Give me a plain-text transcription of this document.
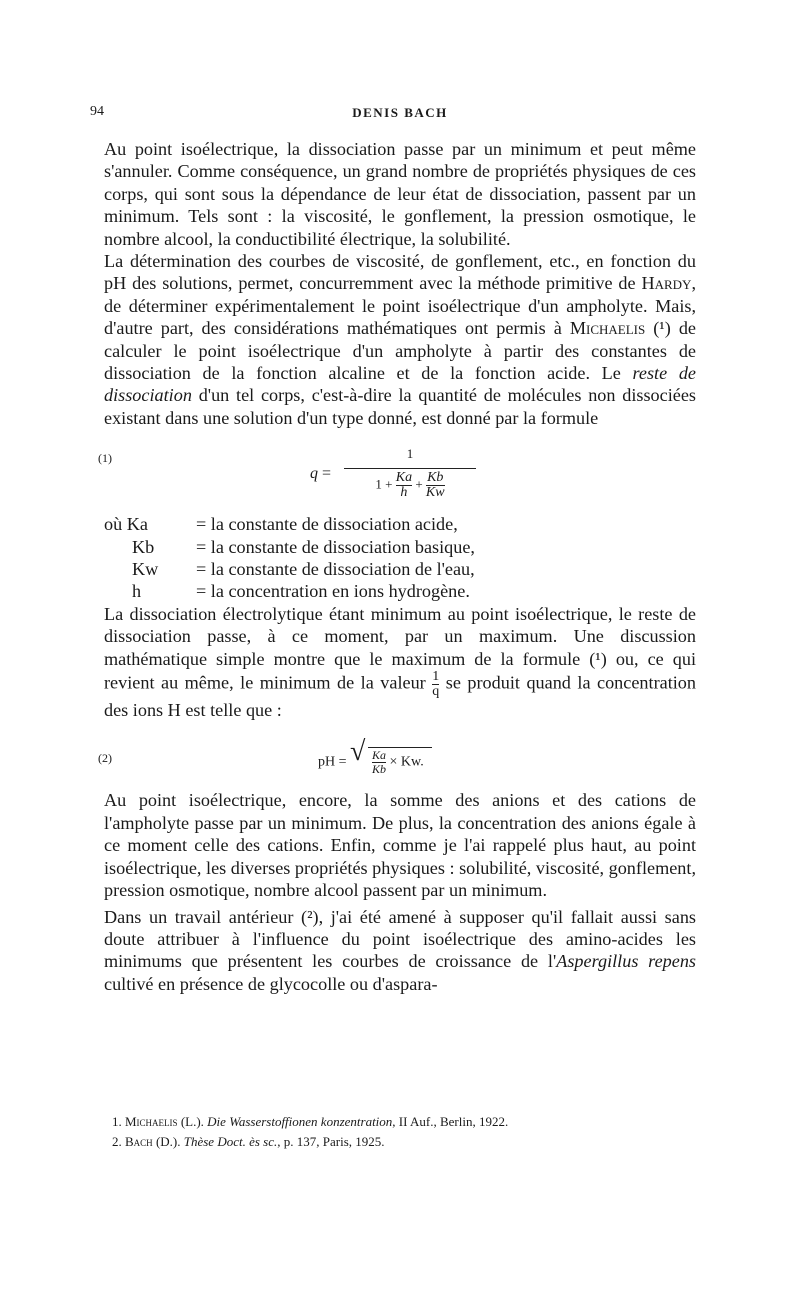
94	DENIS BACH

Au point isoélectrique, la dissociation passe par un minimum et peut même s'annuler. Comme conséquence, un grand nombre de propriétés physiques de ces corps, qui sont sous la dépendance de leur état de dissociation, passent par un minimum. Tels sont : la viscosité, le gonflement, la pression osmotique, le nombre alcool, la conductibilité électrique, la solubilité.

La détermination des courbes de viscosité, de gonflement, etc., en fonction du pH des solutions, permet, concurremment avec la méthode primitive de Hardy, de déterminer expérimentalement le point isoélectrique d'un ampholyte. Mais, d'autre part, des considérations mathématiques ont permis à Michaelis (¹) de calculer le point isoélectrique d'un ampholyte à partir des constantes de dissociation de la fonction alcaline et de la fonction acide. Le reste de dissociation d'un tel corps, c'est-à-dire la quantité de molécules non dissociées existant dans une solution d'un type donné, est donné par la formule

(1)
q =
1
$1 + \frac{Ka}{h} + \frac{Kb}{Kw}$
où Ka	= la constante de dissociation acide,
Kb	= la constante de dissociation basique,
Kw	= la constante de dissociation de l'eau,
h	= la concentration en ions hydrogène.

La dissociation électrolytique étant minimum au point isoélectrique, le reste de dissociation passe, à ce moment, par un maximum. Une discussion mathématique simple montre que le maximum de la formule (¹) ou, ce qui revient au même, le minimum de la valeur $\frac{1}{q}$ se produit quand la concentration des ions H est telle que :

(2)	pH = √ $\frac{Ka}{Kb} \times Kw$.

Au point isoélectrique, encore, la somme des anions et des cations de l'ampholyte passe par un minimum. De plus, la concentration des anions égale à ce moment celle des cations. Enfin, comme je l'ai rappelé plus haut, au point isoélectrique, les diverses propriétés physiques : solubilité, viscosité, gonflement, pression osmotique, nombre alcool passent par un minimum.

Dans un travail antérieur (²), j'ai été amené à supposer qu'il fallait aussi sans doute attribuer à l'influence du point isoélectrique des amino-acides les minimums que présentent les courbes de croissance de l'Aspergillus repens cultivé en présence de glycocolle ou d'aspara-

1. Michaelis (L.). Die Wasserstoffionen konzentration, II Auf., Berlin, 1922.
2. Bach (D.). Thèse Doct. ès sc., p. 137, Paris, 1925.
